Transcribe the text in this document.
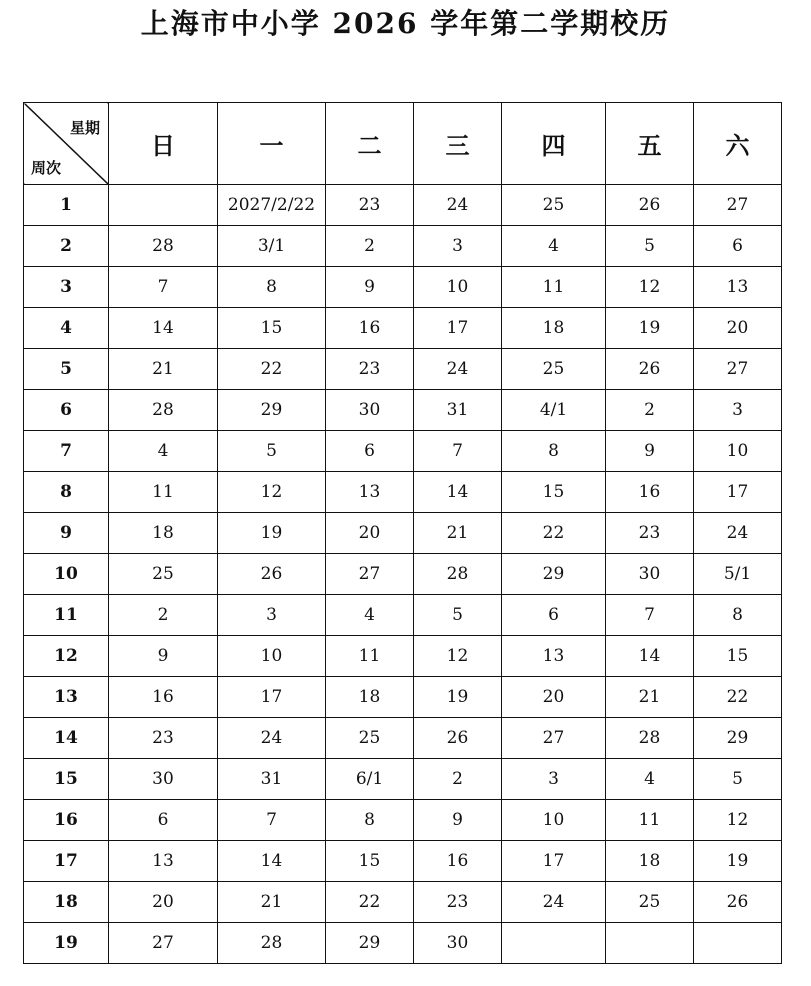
上海市中小学 2026 学年第二学期校历
星期
周次	日	一	二	三	四	五	六
1		2027/2/22	23	24	25	26	27
2	28	3/1	2	3	4	5	6
3	7	8	9	10	11	12	13
4	14	15	16	17	18	19	20
5	21	22	23	24	25	26	27
6	28	29	30	31	4/1	2	3
7	4	5	6	7	8	9	10
8	11	12	13	14	15	16	17
9	18	19	20	21	22	23	24
10	25	26	27	28	29	30	5/1
11	2	3	4	5	6	7	8
12	9	10	11	12	13	14	15
13	16	17	18	19	20	21	22
14	23	24	25	26	27	28	29
15	30	31	6/1	2	3	4	5
16	6	7	8	9	10	11	12
17	13	14	15	16	17	18	19
18	20	21	22	23	24	25	26
19	27	28	29	30			
